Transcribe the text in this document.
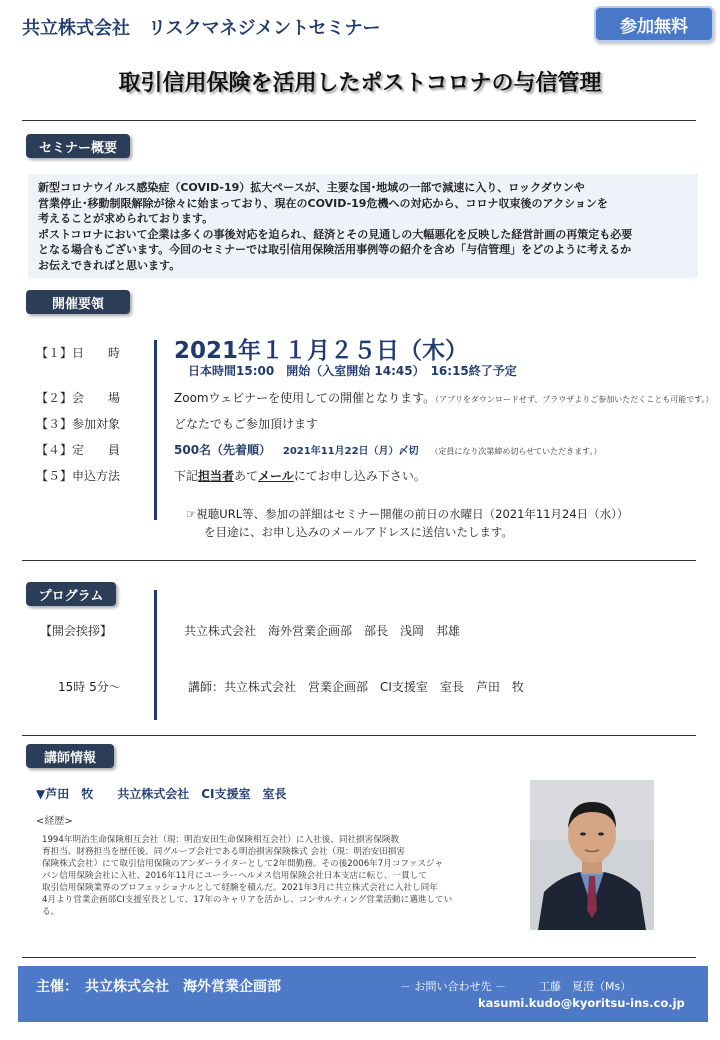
共立株式会社　リスクマネジメントセミナー	参加無料
取引信用保険を活用したポストコロナの与信管理
セミナー概要
新型コロナウイルス感染症（COVID-19）拡大ペースが、主要な国･地域の一部で減速に入り、ロックダウンや
営業停止･移動制限解除が徐々に始まっており、現在のCOVID-19危機への対応から、コロナ収束後のアクションを
考えることが求められております。
ポストコロナにおいて企業は多くの事後対応を迫られ、経済とその見通しの大幅悪化を反映した経営計画の再策定も必要
となる場合もございます。今回のセミナーでは取引信用保険活用事例等の紹介を含め「与信管理」をどのように考えるか
お伝えできればと思います。
開催要領
【１】日　　時 2021年１１月２５日（木）
日本時間15:00　開始（入室開始 14:45）　16:15終了予定
【２】会　　場	Zoomウェビナーを使用しての開催となります。（アプリをダウンロードせず、ブラウザよりご参加いただくことも可能です。）
【３】参加対象	どなたでもご参加頂けます
【４】定　　員	500名（先着順） 2021年11月22日（月）〆切 （定員になり次第締め切らせていただきます。）
【５】申込方法	下記担当者あてメールにてお申し込み下さい。
☞視聴URL等、参加の詳細はセミナー開催の前日の水曜日（2021年11月24日（水））
を目途に、お申し込みのメールアドレスに送信いたします。
プログラム
【開会挨拶】	共立株式会社　海外営業企画部　部長　浅岡　邦雄
15時 5分～	講師：共立株式会社　営業企画部　CI支援室　室長　芦田　牧
講師情報
▼芦田　牧　　共立株式会社　CI支援室　室長
<経歴>
1994年明治生命保険相互会社（現：明治安田生命保険相互会社）に入社後、同社損害保険教
育担当、財務担当を歴任後、同グループ会社である明治損害保険株式 会社（現：明治安田損害
保険株式会社）にて取引信用保険のアンダーライターとして2年間勤務。その後2006年7月コファスジャ
パン信用保険会社に入社、2016年11月にユーラーヘルメス信用保険会社日本支店に転じ、一貫して
取引信用保険業界のプロフェッショナルとして経験を積んだ。2021年3月に共立株式会社に入社し同年
4月より営業企画部CI支援室長として、17年のキャリアを活かし、コンサルティング営業活動に邁進してい
る。
主催：　共立株式会社　海外営業企画部	－ お問い合わせ先 －　　　工藤　夏澄（Ms）
kasumi.kudo@kyoritsu-ins.co.jp
